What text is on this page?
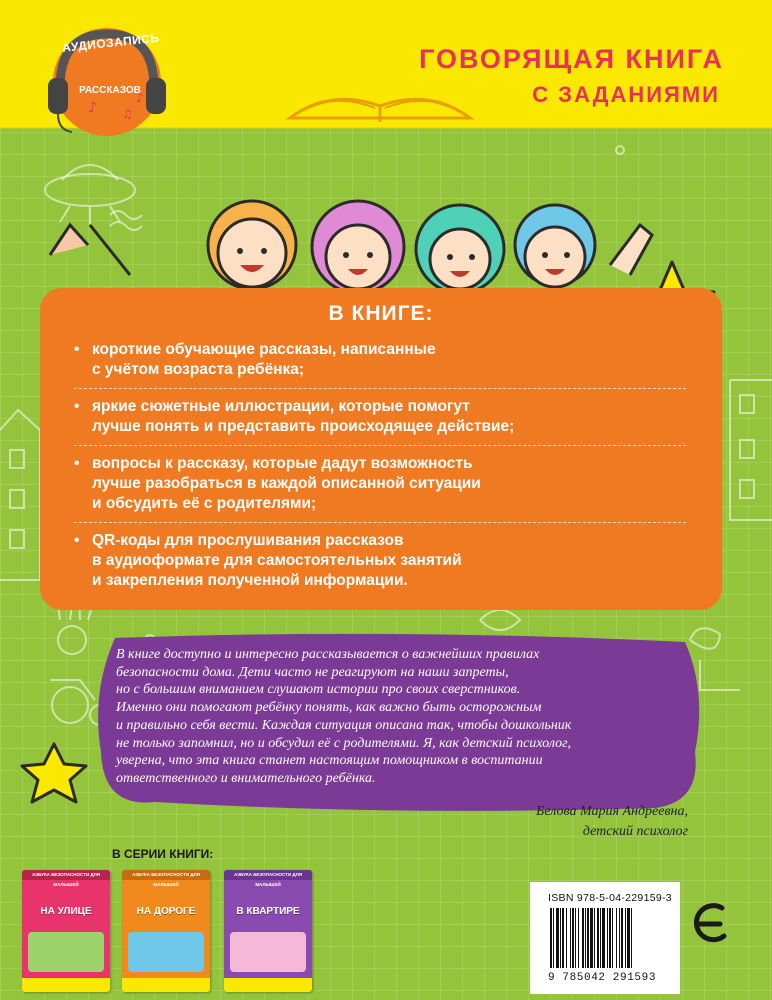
ГОВОРЯЩАЯ КНИГА
С ЗАДАНИЯМИ
♪ ♫
♪
АУДИОЗАПИСЬ
РАССКАЗОВ
В КНИГЕ:
• короткие обучающие рассказы, написанные
с учётом возраста ребёнка;
• яркие сюжетные иллюстрации, которые помогут
лучше понять и представить происходящее действие;
• вопросы к рассказу, которые дадут возможность
лучше разобраться в каждой описанной ситуации
и обсудить её с родителями;
• QR-коды для прослушивания рассказов
в аудиоформате для самостоятельных занятий
и закрепления полученной информации.
В книге доступно и интересно рассказывается о важнейших правилах
безопасности дома. Дети часто не реагируют на наши запреты,
но с большим вниманием слушают истории про своих сверстников.
Именно они помогают ребёнку понять, как важно быть осторожным
и правильно себя вести. Каждая ситуация описана так, чтобы дошкольник
не только запомнил, но и обсудил её с родителями. Я, как детский психолог,
уверена, что эта книга станет настоящим помощником в воспитании
ответственного и внимательного ребёнка.
Белова Мария Андреевна,
детский психолог
В СЕРИИ КНИГИ:
АЗБУКА БЕЗОПАСНОСТИ ДЛЯ МАЛЫШЕЙ
НА УЛИЦЕ
АЗБУКА БЕЗОПАСНОСТИ ДЛЯ МАЛЫШЕЙ
НА ДОРОГЕ
АЗБУКА БЕЗОПАСНОСТИ ДЛЯ МАЛЫШЕЙ
В КВАРТИРЕ
ISBN 978-5-04-229159-3
9 785042 291593
